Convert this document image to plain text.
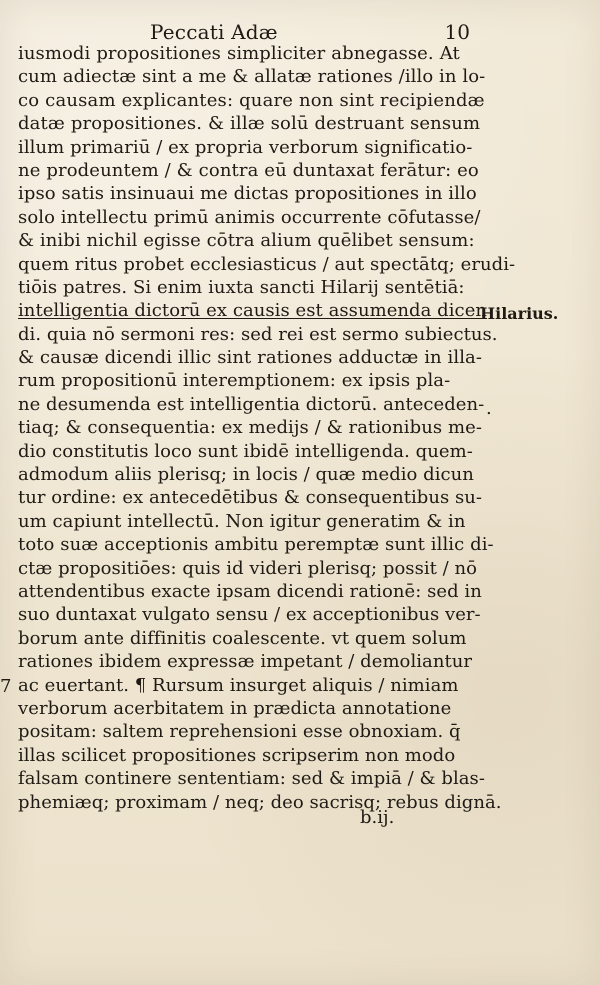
Peccati Adæ	10
iusmodi propositiones simpliciter abnegasse. At
cum adiectæ sint a me & allatæ rationes /illo in lo-
co causam explicantes: quare non sint recipiendæ
datæ propositiones. & illæ solū destruant sensum
illum primariū / ex propria verborum significatio-
ne prodeuntem / & contra eū duntaxat ferātur: eo
ipso satis insinuaui me dictas propositiones in illo
solo intellectu primū animis occurrente cōfutasse/
& inibi nichil egisse cōtra alium quēlibet sensum:
quem ritus probet ecclesiasticus / aut spectātq; erudi-
tiōis patres. Si enim iuxta sancti Hilarij sentētiā:
intelligentia dictorū ex causis est assumenda dicen
di. quia nō sermoni res: sed rei est sermo subiectus.
& causæ dicendi illic sint rationes adductæ in illa-
rum propositionū interemptionem: ex ipsis pla-
ne desumenda est intelligentia dictorū. anteceden-
tiaq; & consequentia: ex medijs / & rationibus me-
dio constitutis loco sunt ibidē intelligenda. quem-
admodum aliis plerisq; in locis / quæ medio dicun
tur ordine: ex antecedētibus & consequentibus su-
um capiunt intellectū. Non igitur generatim & in
toto suæ acceptionis ambitu peremptæ sunt illic di-
ctæ propositiōes: quis id videri plerisq; possit / nō
attendentibus exacte ipsam dicendi rationē: sed in
suo duntaxat vulgato sensu / ex acceptionibus ver-
borum ante diffinitis coalescente. vt quem solum
rationes ibidem expressæ impetant / demoliantur
ac euertant. ¶ Rursum insurget aliquis / nimiam
verborum acerbitatem in prædicta annotatione
positam: saltem reprehensioni esse obnoxiam. q̄
illas scilicet propositiones scripserim non modo
falsam continere sententiam: sed & impiā / & blas-
phemiæq; proximam / neq; deo sacrisq; rebus dignā.
Hilarius.
.
7
b.ij.
